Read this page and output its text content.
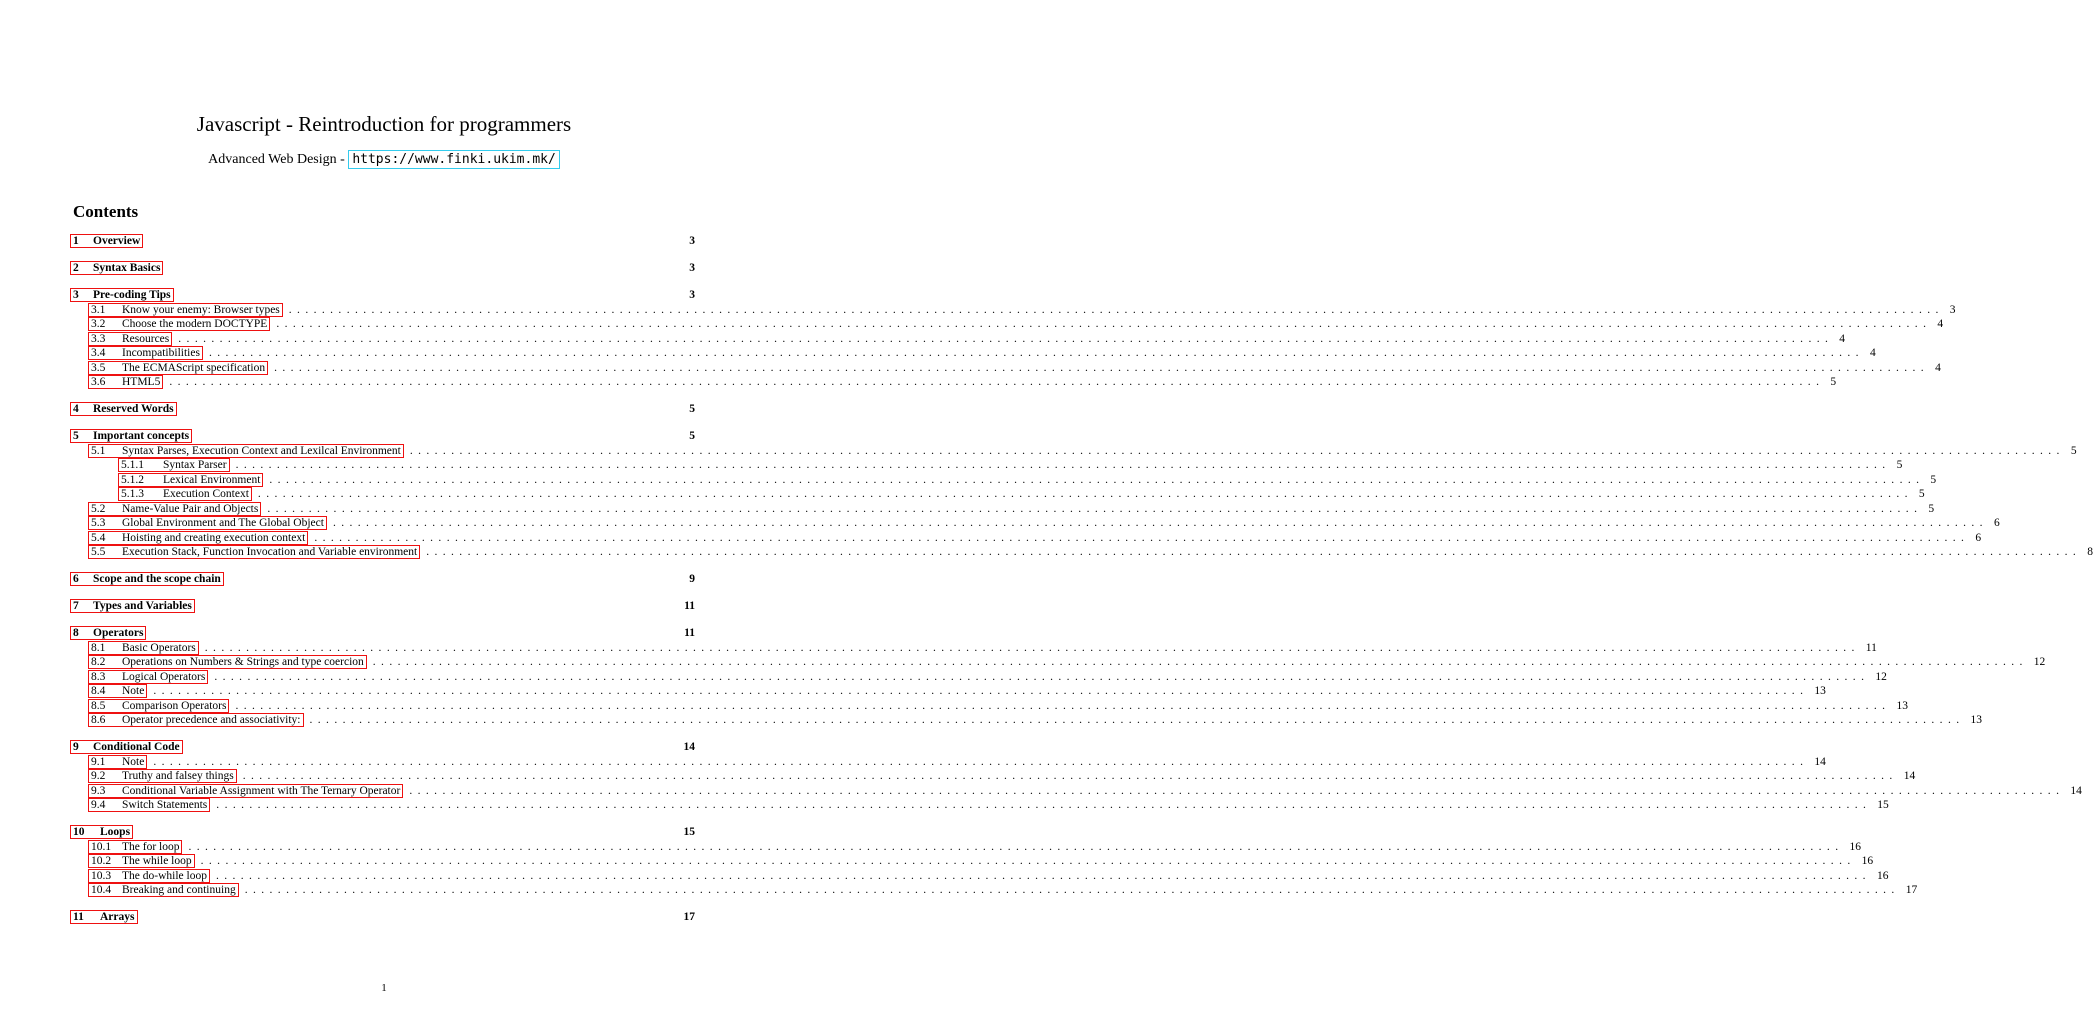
Javascript - Reintroduction for programmers
Advanced Web Design - https://www.finki.ukim.mk/
Contents
1	Overview	3
2	Syntax Basics	3
3	Pre-coding Tips	3
3.1	Know your enemy: Browser types ........................................................................................................................................................................................................ 3
3.2	Choose the modern DOCTYPE ........................................................................................................................................................................................................ 4
3.3	Resources ........................................................................................................................................................................................................ 4
3.4	Incompatibilities ........................................................................................................................................................................................................ 4
3.5	The ECMAScript specification ........................................................................................................................................................................................................ 4
3.6	HTML5 ........................................................................................................................................................................................................ 5
4	Reserved Words	5
5	Important concepts	5
5.1	Syntax Parses, Execution Context and Lexilcal Environment ........................................................................................................................................................................................................ 5
5.1.1	Syntax Parser ........................................................................................................................................................................................................ 5
5.1.2	Lexical Environment ........................................................................................................................................................................................................ 5
5.1.3	Execution Context ........................................................................................................................................................................................................ 5
5.2	Name-Value Pair and Objects ........................................................................................................................................................................................................ 5
5.3	Global Environment and The Global Object ........................................................................................................................................................................................................ 6
5.4	Hoisting and creating execution context ........................................................................................................................................................................................................ 6
5.5	Execution Stack, Function Invocation and Variable environment ........................................................................................................................................................................................................ 8
6	Scope and the scope chain	9
7	Types and Variables	11
8	Operators	11
8.1	Basic Operators ........................................................................................................................................................................................................ 11
8.2	Operations on Numbers & Strings and type coercion ........................................................................................................................................................................................................ 12
8.3	Logical Operators ........................................................................................................................................................................................................ 12
8.4	Note ........................................................................................................................................................................................................ 13
8.5	Comparison Operators ........................................................................................................................................................................................................ 13
8.6	Operator precedence and associativity: ........................................................................................................................................................................................................ 13
9	Conditional Code	14
9.1	Note ........................................................................................................................................................................................................ 14
9.2	Truthy and falsey things ........................................................................................................................................................................................................ 14
9.3	Conditional Variable Assignment with The Ternary Operator ........................................................................................................................................................................................................ 14
9.4	Switch Statements ........................................................................................................................................................................................................ 15
10	Loops	15
10.1 The for loop ........................................................................................................................................................................................................ 16
10.2 The while loop ........................................................................................................................................................................................................ 16
10.3 The do-while loop ........................................................................................................................................................................................................ 16
10.4 Breaking and continuing ........................................................................................................................................................................................................ 17
11	Arrays	17
1
